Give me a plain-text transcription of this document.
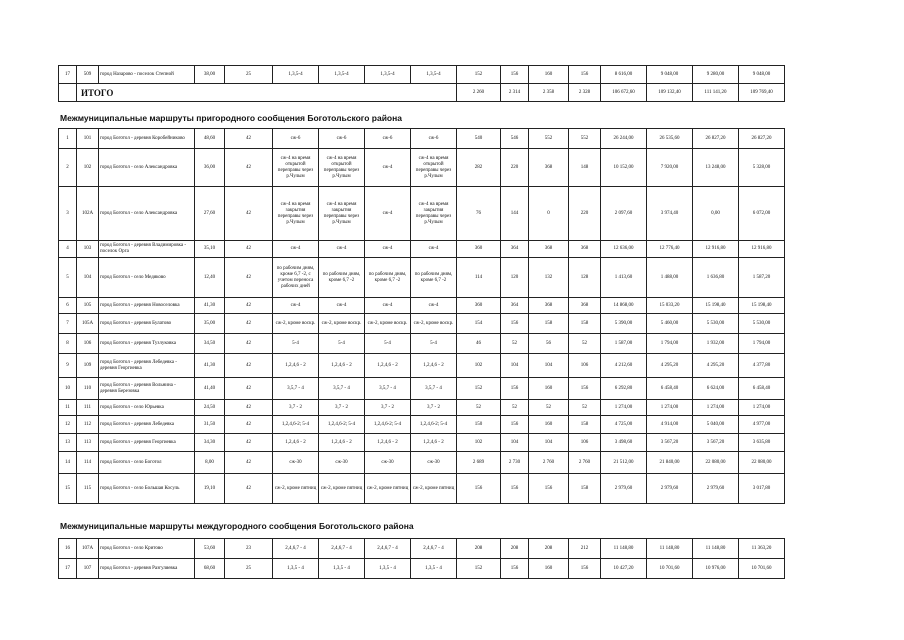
17	509	город Назарово - поселок Степной	38,00	25	1,3,5-4	1,3,5-4	1,3,5-4	1,3,5-4	152	156	160	156	8 616,00	9 048,00	9 280,00	9 048,00
	ИТОГО	2 260	2 314	2 358	2 328	106 672,60	109 132,40	111 141,20	109 769,40
Межмуниципальные маршруты пригородного сообщения Боготольского района
1	101	город Боготол - деревня Коробейниково	48,60	42	сж-6	сж-6	сж-6	сж-6	540	546	552	552	26 244,00	26 535,60	26 827,20	26 827,20
2	102	город Боготол - село Александровка	36,00	42	сж-4 на время открытой переправы через р.Чулым	сж-4 на время открытой переправы через р.Чулым	сж-4	сж-4 на время открытой переправы через р.Чулым	282	220	368	148	10 152,00	7 920,00	13 248,00	5 328,00
3	102А	город Боготол - село Александровка	27,60	42	сж-4 на время закрытия переправы через р.Чулым	сж-4 на время закрытия переправы через р.Чулым	сж-4	сж-4 на время закрытия переправы через р.Чулым	76	144	0	220	2 097,60	3 974,40	0,00	6 072,00
4	103	город Боготол - деревня Владимировка - поселок Орга	35,10	42	сж-4	сж-4	сж-4	сж-4	360	364	368	368	12 636,00	12 776,40	12 916,80	12 916,80
5	104	город Боготол - село Медяково	12,40	42	по рабочим дням, кроме 6,7 -2, с учетом переноса рабочих дней	по рабочим дням, кроме 6,7 -2	по рабочим дням, кроме 6,7 -2	по рабочим дням, кроме 6,7 -2	114	120	132	128	1 413,60	1 488,00	1 636,80	1 587,20
6	105	город Боготол - деревня Новоселовка	41,30	42	сж-4	сж-4	сж-4	сж-4	360	364	368	368	14 868,00	15 033,20	15 198,40	15 198,40
7	105А	город Боготол - деревня Булатово	35,00	42	сж-2, кроме воскр.	сж-2, кроме воскр.	сж-2, кроме воскр.	сж-2, кроме воскр.	154	156	158	158	5 390,00	5 460,00	5 530,00	5 530,00
8	106	город Боготол - деревня Тузлуковка	34,50	42	5-4	5-4	5-4	5-4	46	52	56	52	1 587,00	1 794,00	1 932,00	1 794,00
9	109	город Боготол - деревня Лебедевка - деревня Георгиевка	41,30	42	1,2,4,6 - 2	1,2,4,6 - 2	1,2,4,6 - 2	1,2,4,6 - 2	102	104	104	106	4 212,60	4 295,20	4 295,20	4 377,80
10	110	город Боготол - деревня Вольнина - деревня Березовка	41,40	42	3,5,7 - 4	3,5,7 - 4	3,5,7 - 4	3,5,7 - 4	152	156	160	156	6 292,80	6 458,40	6 624,00	6 458,40
11	111	город Боготол - село Юрьевка	24,50	42	3,7 - 2	3,7 - 2	3,7 - 2	3,7 - 2	52	52	52	52	1 274,00	1 274,00	1 274,00	1 274,00
12	112	город Боготол - деревня Лебедевка	31,50	42	1,2,4,6-2; 5-4	1,2,4,6-2; 5-4	1,2,4,6-2; 5-4	1,2,4,6-2; 5-4	150	156	160	158	4 725,00	4 914,00	5 040,00	4 977,00
13	113	город Боготол - деревня Георгиевка	34,30	42	1,2,4,6 - 2	1,2,4,6 - 2	1,2,4,6 - 2	1,2,4,6 - 2	102	104	104	106	3 498,60	3 567,20	3 567,20	3 635,80
14	114	город Боготол - село Боготол	8,00	42	сж-30	сж-30	сж-30	сж-30	2 689	2 730	2 760	2 760	21 512,00	21 840,00	22 080,00	22 080,00
15	115	город Боготол - село Большая Косуль	19,10	42	сж-2, кроме пятниц	сж-2, кроме пятниц	сж-2, кроме пятниц	сж-2, кроме пятниц	156	156	156	158	2 979,60	2 979,60	2 979,60	3 017,80
Межмуниципальные маршруты междугородного сообщения Боготольского района
16	107А	город Боготол - село Критово	53,60	23	2,4,6,7 - 4	2,4,6,7 - 4	2,4,6,7 - 4	2,4,6,7 - 4	208	208	208	212	11 148,80	11 148,80	11 148,80	11 363,20
17	107	город Боготол - деревня Разгуляевка	68,60	25	1,3,5 - 4	1,3,5 - 4	1,3,5 - 4	1,3,5 - 4	152	156	160	156	10 427,20	10 701,60	10 976,00	10 701,60
